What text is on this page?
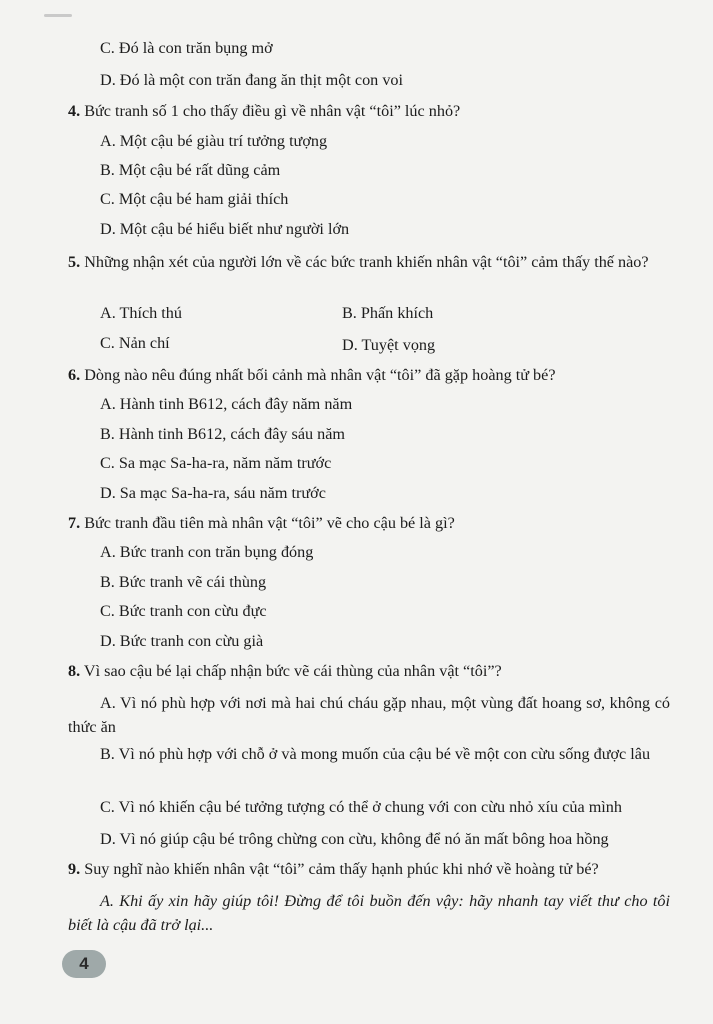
C. Đó là con trăn bụng mở
D. Đó là một con trăn đang ăn thịt một con voi
4. Bức tranh số 1 cho thấy điều gì về nhân vật “tôi” lúc nhỏ?
A. Một cậu bé giàu trí tưởng tượng
B. Một cậu bé rất dũng cảm
C. Một cậu bé ham giải thích
D. Một cậu bé hiểu biết như người lớn
5. Những nhận xét của người lớn về các bức tranh khiến nhân vật “tôi” cảm thấy thế nào?
A. Thích thú	B. Phấn khích
C. Nản chí	D. Tuyệt vọng
6. Dòng nào nêu đúng nhất bối cảnh mà nhân vật “tôi” đã gặp hoàng tử bé?
A. Hành tinh B612, cách đây năm năm
B. Hành tinh B612, cách đây sáu năm
C. Sa mạc Sa-ha-ra, năm năm trước
D. Sa mạc Sa-ha-ra, sáu năm trước
7. Bức tranh đầu tiên mà nhân vật “tôi” vẽ cho cậu bé là gì?
A. Bức tranh con trăn bụng đóng
B. Bức tranh vẽ cái thùng
C. Bức tranh con cừu đực
D. Bức tranh con cừu già
8. Vì sao cậu bé lại chấp nhận bức vẽ cái thùng của nhân vật “tôi”?
A. Vì nó phù hợp với nơi mà hai chú cháu gặp nhau, một vùng đất hoang sơ, không có thức ăn
B. Vì nó phù hợp với chỗ ở và mong muốn của cậu bé về một con cừu sống được lâu
C. Vì nó khiến cậu bé tưởng tượng có thể ở chung với con cừu nhỏ xíu của mình
D. Vì nó giúp cậu bé trông chừng con cừu, không để nó ăn mất bông hoa hồng
9. Suy nghĩ nào khiến nhân vật “tôi” cảm thấy hạnh phúc khi nhớ về hoàng tử bé?
A. Khi ấy xin hãy giúp tôi! Đừng để tôi buồn đến vậy: hãy nhanh tay viết thư cho tôi biết là cậu đã trở lại...
4
